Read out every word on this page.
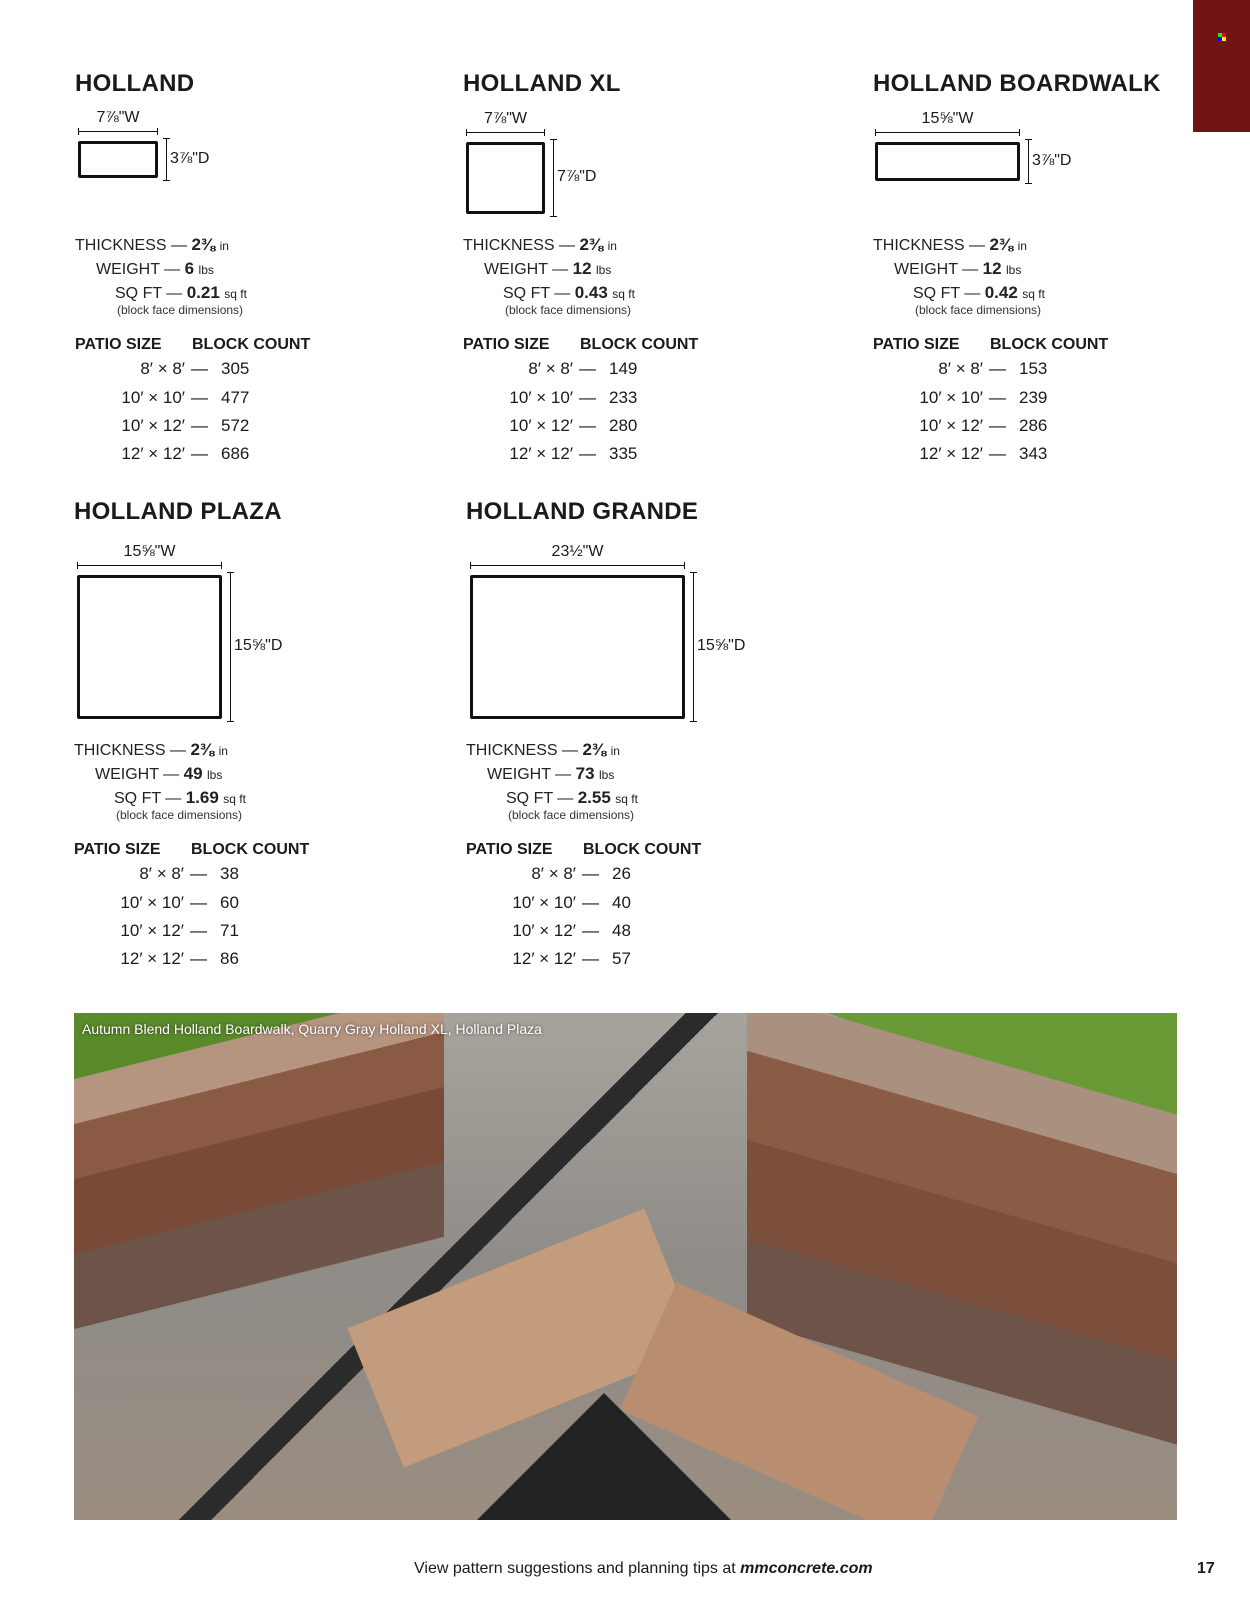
HOLLAND
7⅞"W
3⅞"D
THICKNESS — 2⅜ in
WEIGHT — 6 lbs
SQ FT — 0.21 sq ft
(block face dimensions)
PATIO SIZE BLOCK COUNT
8′ × 8′ — 305
10′ × 10′ — 477
10′ × 12′ — 572
12′ × 12′ — 686
HOLLAND XL
7⅞"W
7⅞"D
THICKNESS — 2⅜ in
WEIGHT — 12 lbs
SQ FT — 0.43 sq ft
(block face dimensions)
PATIO SIZE BLOCK COUNT
8′ × 8′ — 149
10′ × 10′ — 233
10′ × 12′ — 280
12′ × 12′ — 335
HOLLAND BOARDWALK
15⅝"W
3⅞"D
THICKNESS — 2⅜ in
WEIGHT — 12 lbs
SQ FT — 0.42 sq ft
(block face dimensions)
PATIO SIZE BLOCK COUNT
8′ × 8′ — 153
10′ × 10′ — 239
10′ × 12′ — 286
12′ × 12′ — 343
HOLLAND PLAZA
15⅝"W
15⅝"D
THICKNESS — 2⅜ in
WEIGHT — 49 lbs
SQ FT — 1.69 sq ft
(block face dimensions)
PATIO SIZE BLOCK COUNT
8′ × 8′ — 38
10′ × 10′ — 60
10′ × 12′ — 71
12′ × 12′ — 86
HOLLAND GRANDE
23½"W
15⅝"D
THICKNESS — 2⅜ in
WEIGHT — 73 lbs
SQ FT — 2.55 sq ft
(block face dimensions)
PATIO SIZE BLOCK COUNT
8′ × 8′ — 26
10′ × 10′ — 40
10′ × 12′ — 48
12′ × 12′ — 57
Autumn Blend Holland Boardwalk, Quarry Gray Holland XL, Holland Plaza
View pattern suggestions and planning tips at mmconcrete.com	17
